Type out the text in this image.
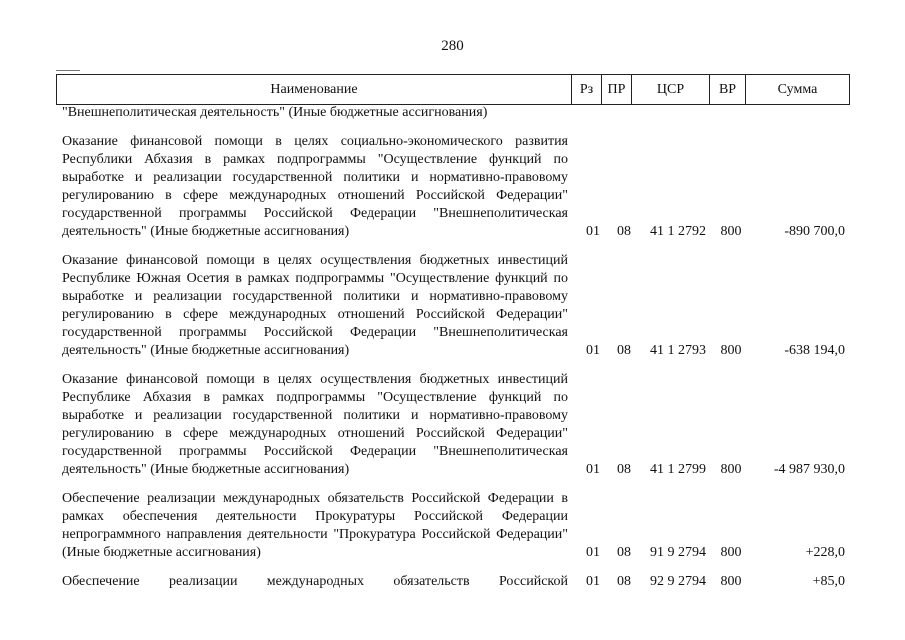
280
Наименование	Рз	ПР	ЦСР	ВР	Сумма
"Внешнеполитическая деятельность" (Иные бюджетные ассигнования)
Оказание финансовой помощи в целях социально-экономического развития Республики Абхазия в рамках подпрограммы "Осуществление функций по выработке и реализации государственной политики и нормативно-правовому регулированию в сфере международных отношений Российской Федерации" государственной программы Российской Федерации "Внешнеполитическая деятельность" (Иные бюджетные ассигнования)	01	08	41 1 2792	800	-890 700,0
Оказание финансовой помощи в целях осуществления бюджетных инвестиций Республике Южная Осетия в рамках подпрограммы "Осуществление функций по выработке и реализации государственной политики и нормативно-правовому регулированию в сфере международных отношений Российской Федерации" государственной программы Российской Федерации "Внешнеполитическая деятельность" (Иные бюджетные ассигнования)	01	08	41 1 2793	800	-638 194,0
Оказание финансовой помощи в целях осуществления бюджетных инвестиций Республике Абхазия в рамках подпрограммы "Осуществление функций по выработке и реализации государственной политики и нормативно-правовому регулированию в сфере международных отношений Российской Федерации" государственной программы Российской Федерации "Внешнеполитическая деятельность" (Иные бюджетные ассигнования)	01	08	41 1 2799	800	-4 987 930,0
Обеспечение реализации международных обязательств Российской Федерации в рамках обеспечения деятельности Прокуратуры Российской Федерации непрограммного направления деятельности "Прокуратура Российской Федерации" (Иные бюджетные ассигнования)	01	08	91 9 2794	800	+228,0
Обеспечение реализации международных обязательств Российской	01	08	92 9 2794	800	+85,0
